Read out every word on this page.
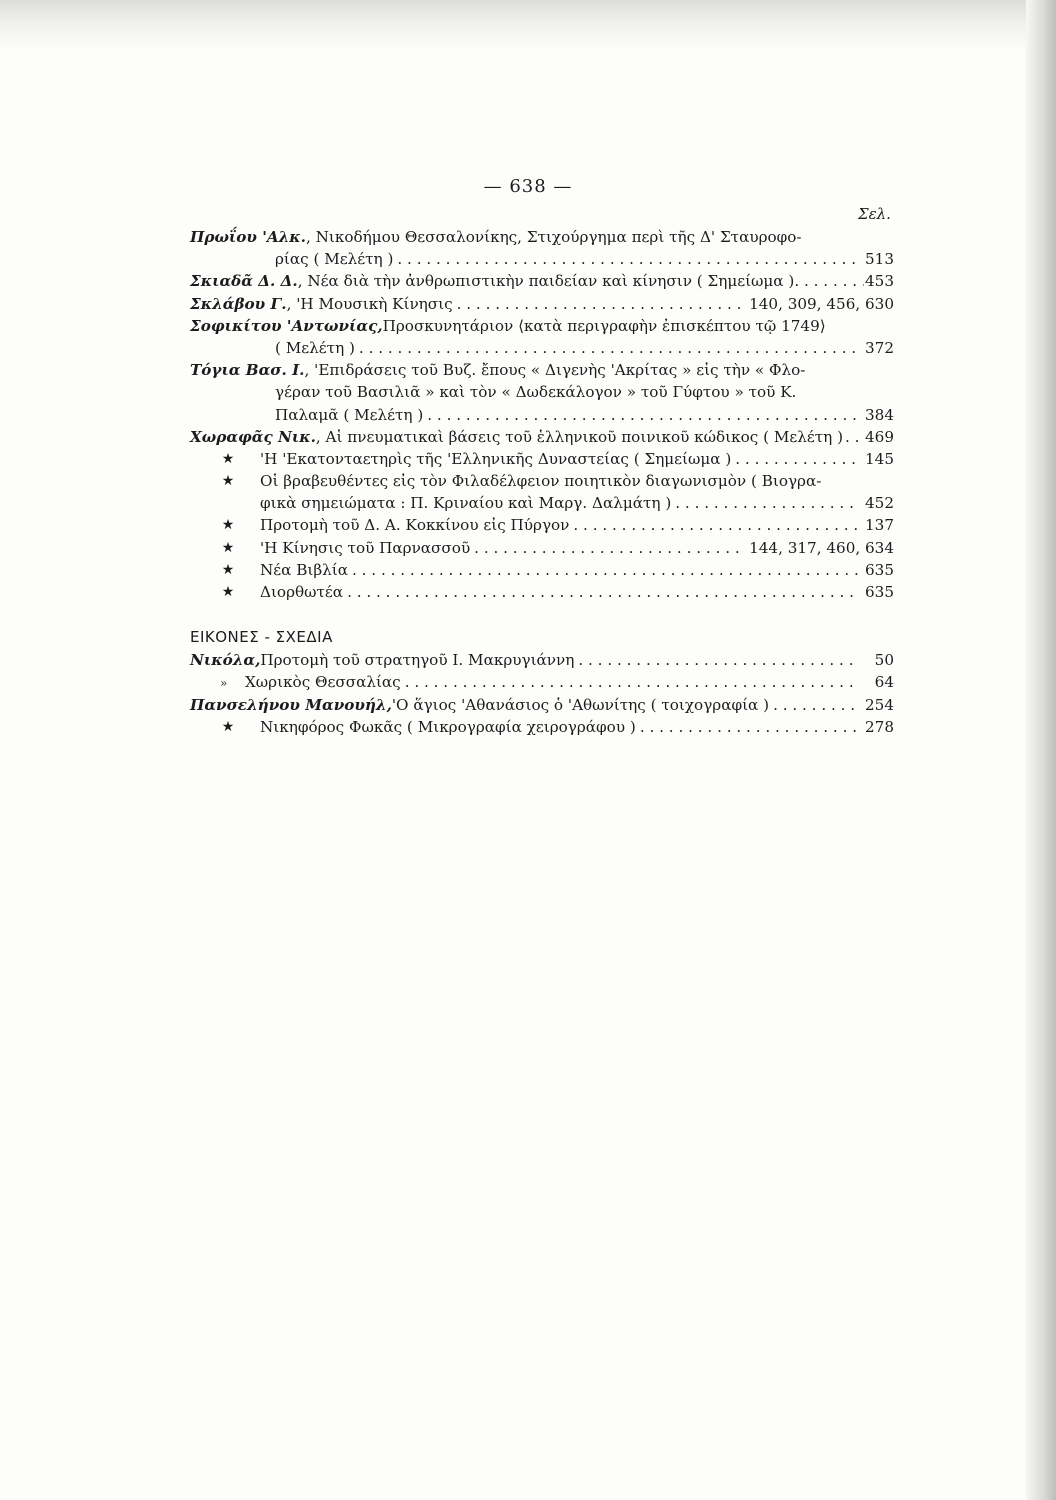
— 638 —
Σελ.
Πρωΐου 'Αλκ. , Νικοδήμου Θεσσαλονίκης, Στιχούργημα περὶ τῆς Δ' Σταυροφο-
ρίας ( Μελέτη ) . . .	513
Σκιαδᾶ Δ. Δ. , Νέα διὰ τὴν ἀνθρωπιστικὴν παιδείαν καὶ κίνησιν ( Σημείωμα ) . . .	453
Σκλάβου Γ. , 'Η Μουσικὴ Κίνησις . . .	140, 309, 456, 630
Σοφικίτου 'Αντωνίας, Προσκυνητάριον ⟨κατὰ περιγραφὴν ἐπισκέπτου τῷ 1749⟩
( Μελέτη ) . . .	372
Τόγια Βασ. Ι. , 'Επιδράσεις τοῦ Βυζ. ἔπους « Διγενὴς 'Ακρίτας » εἰς τὴν « Φλο-
γέραν τοῦ Βασιλιᾶ » καὶ τὸν « Δωδεκάλογον » τοῦ Γύφτου » τοῦ Κ.
Παλαμᾶ ( Μελέτη ) . . .	384
Χωραφᾶς Νικ. , Αἱ πνευματικαὶ βάσεις τοῦ ἑλληνικοῦ ποινικοῦ κώδικος ( Μελέτη ) . . . 469
★ 'Η 'Εκατονταετηρὶς τῆς 'Ελληνικῆς Δυναστείας ( Σημείωμα ) . . .	145
★ Οἱ βραβευθέντες εἰς τὸν Φιλαδέλφειον ποιητικὸν διαγωνισμὸν ( Βιογρα-
φικὰ σημειώματα : Π. Κριναίου καὶ Μαργ. Δαλμάτη ) . . .	452
★ Προτομὴ τοῦ Δ. Α. Κοκκίνου εἰς Πύργον . . .	137
★ 'Η Κίνησις τοῦ Παρνασσοῦ . . .	144, 317, 460, 634
★ Νέα Βιβλία . . .	635
★ Διορθωτέα . . .	635
ΕΙΚΟΝΕΣ - ΣΧΕΔΙΑ
Νικόλα, Προτομὴ τοῦ στρατηγοῦ Ι. Μακρυγιάννη . . .	50
»	Χωρικὸς Θεσσαλίας . . .	64
Πανσελήνου Μανουήλ, 'Ο ἅγιος 'Αθανάσιος ὁ 'Αθωνίτης ( τοιχογραφία ) . . .	254
★ Νικηφόρος Φωκᾶς ( Μικρογραφία χειρογράφου ) . . .	278
